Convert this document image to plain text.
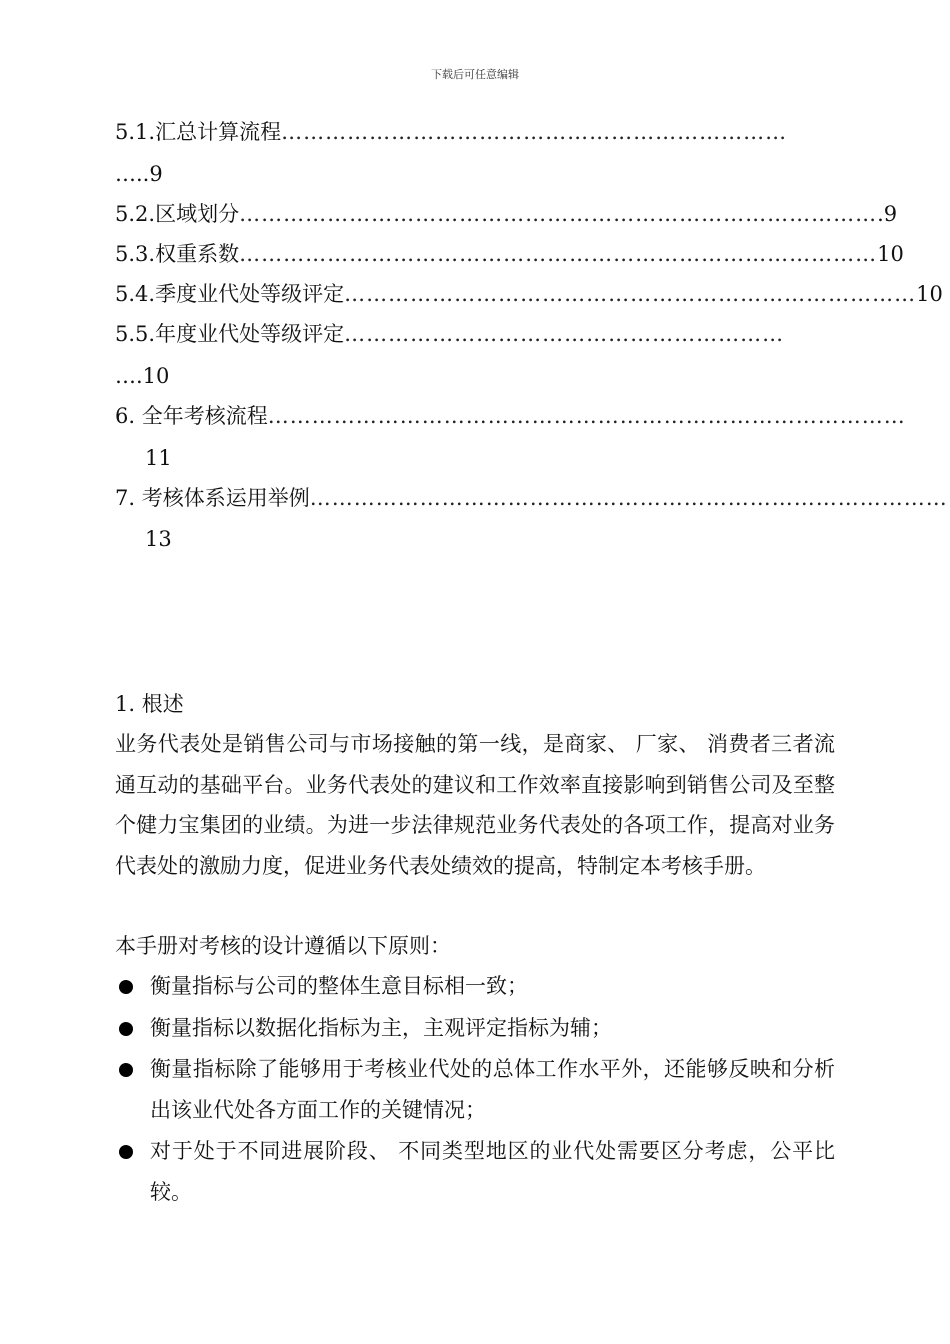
下载后可任意编辑
5.1.汇总计算流程 ……………………………………………………………
…..9
5.2.区域划分 …………………………………………………………………………… .9
5.3.权重系数 …………………………………………………………………………… 10
5.4.季度业代处等级评定 …………………………………………………………………… 10
5.5.年度业代处等级评定 ……………………………………………………
….10
6. 全年考核流程 ……………………………………………………………………………
11
7. 考核体系运用举例 ……………………………………………………………………………
13
1. 根述
业务代表处是销售公司与市场接触的第一线，是商家、 厂家、 消费者三者流通互动的基础平台。业务代表处的建议和工作效率直接影响到销售公司及至整个健力宝集团的业绩。为进一步法律规范业务代表处的各项工作，提高对业务代表处的激励力度，促进业务代表处绩效的提高，特制定本考核手册。
本手册对考核的设计遵循以下原则：
衡量指标与公司的整体生意目标相一致；
衡量指标以数据化指标为主，主观评定指标为辅；
衡量指标除了能够用于考核业代处的总体工作水平外，还能够反映和分析出该业代处各方面工作的关键情况；
对于处于不同进展阶段、 不同类型地区的业代处需要区分考虑，公平比较。
